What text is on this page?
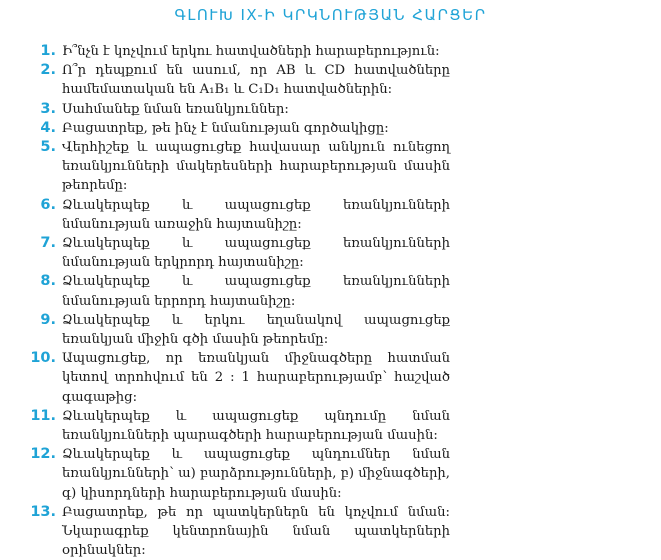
ԳԼՈՒԽ IX-Ի ԿՐԿՆՈՒԹՅԱՆ ՀԱՐՑԵՐ
1. Ի՞նչն է կոչվում երկու հատվածների հարաբերություն:
2. Ո՞ր դեպքում են ասում, որ AB և CD հատվածները համեմատական են A₁B₁ և C₁D₁ հատվածներին:
3. Սահմանեք նման եռանկյուններ:
4. Բացատրեք, թե ինչ է նմանության գործակիցը:
5. Վերհիշեք և ապացուցեք հավասար անկյուն ունեցող եռանկյունների մակերեսների հարաբերության մասին թեորեմը:
6. Ձևակերպեք և ապացուցեք եռանկյունների նմանության առաջին հայտանիշը:
7. Ձևակերպեք և ապացուցեք եռանկյունների նմանության երկրորդ հայտանիշը:
8. Ձևակերպեք և ապացուցեք եռանկյունների նմանության երրորդ հայտանիշը:
9. Ձևակերպեք և երկու եղանակով ապացուցեք եռանկյան միջին գծի մասին թեորեմը:
10. Ապացուցեք, որ եռանկյան միջնագծերը հատման կետով տրոհվում են 2 : 1 հարաբերությամբ՝ հաշված գագաթից:
11. Ձևակերպեք և ապացուցեք պնդումը նման եռանկյունների պարագծերի հարաբերության մասին:
12. Ձևակերպեք և ապացուցեք պնդումներ նման եռանկյունների՝ ա) բարձրությունների, բ) միջնագծերի, գ) կիսորդների հարաբերության մասին:
13. Բացատրեք, թե որ պատկերներն են կոչվում նման: Նկարագրեք կենտրոնային նման պատկերների օրինակներ:
